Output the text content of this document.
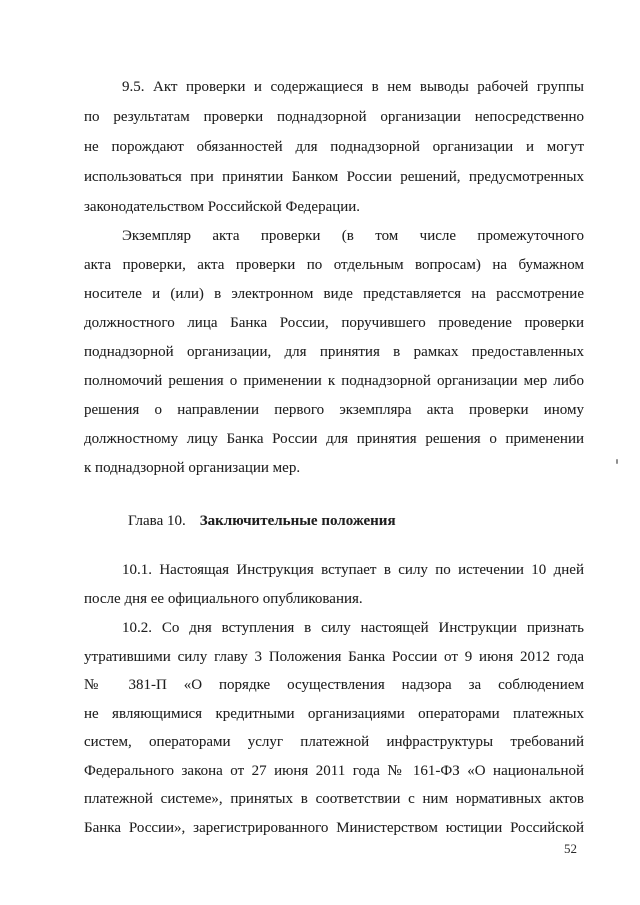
9.5. Акт проверки и содержащиеся в нем выводы рабочей группы
по результатам проверки поднадзорной организации непосредственно
не порождают обязанностей для поднадзорной организации и могут
использоваться при принятии Банком России решений, предусмотренных
законодательством Российской Федерации.
Экземпляр акта проверки (в том числе промежуточного
акта проверки, акта проверки по отдельным вопросам) на бумажном
носителе и (или) в электронном виде представляется на рассмотрение
должностного лица Банка России, поручившего проведение проверки
поднадзорной организации, для принятия в рамках предоставленных
полномочий решения о применении к поднадзорной организации мер либо
решения о направлении первого экземпляра акта проверки иному
должностному лицу Банка России для принятия решения о применении
к поднадзорной организации мер.
Глава 10. Заключительные положения
10.1. Настоящая Инструкция вступает в силу по истечении 10 дней
после дня ее официального опубликования.
10.2. Со дня вступления в силу настоящей Инструкции признать
утратившими силу главу 3 Положения Банка России от 9 июня 2012 года
№ 381-П «О порядке осуществления надзора за соблюдением
не являющимися кредитными организациями операторами платежных
систем, операторами услуг платежной инфраструктуры требований
Федерального закона от 27 июня 2011 года № 161-ФЗ «О национальной
платежной системе», принятых в соответствии с ним нормативных актов
Банка России», зарегистрированного Министерством юстиции Российской
52
